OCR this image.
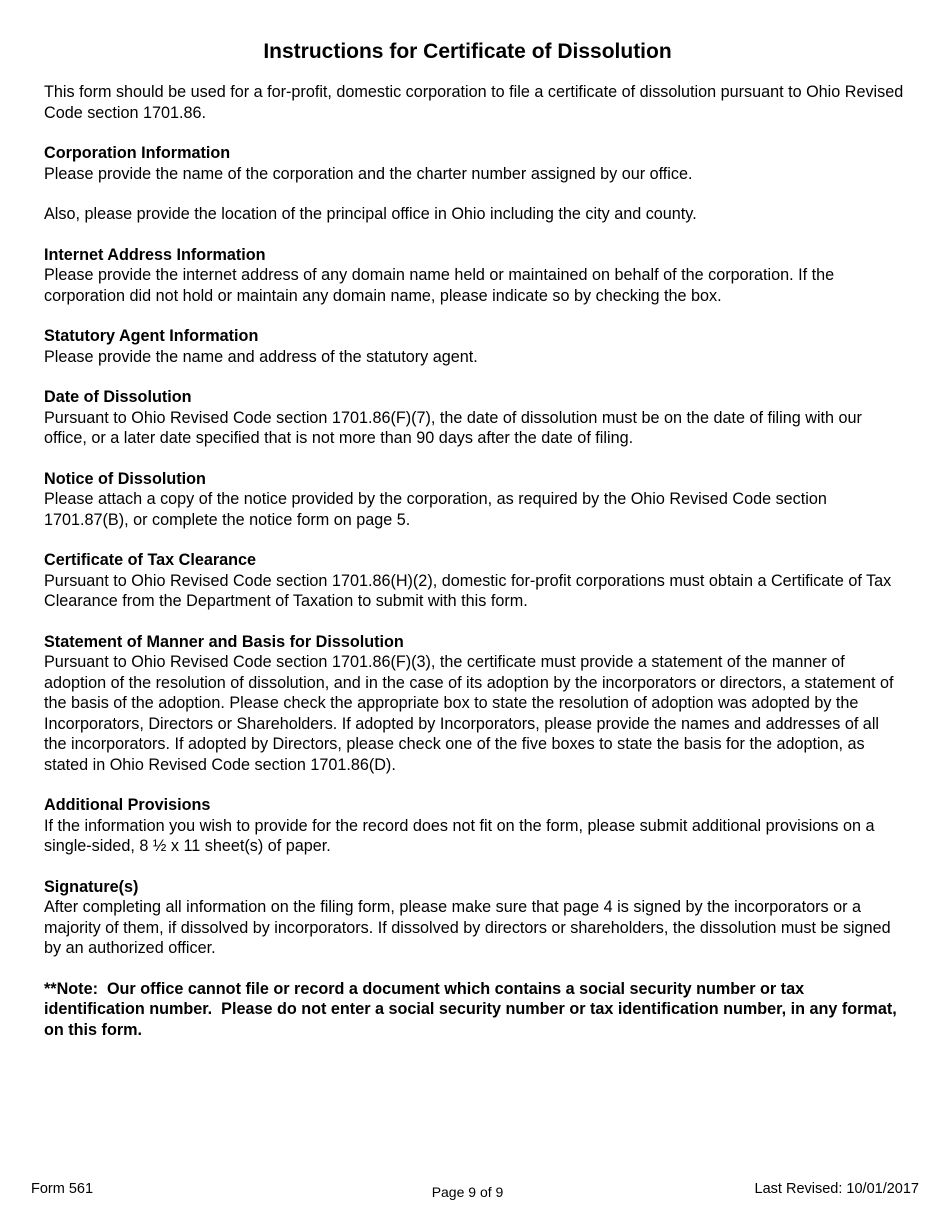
Instructions for Certificate of Dissolution

This form should be used for a for-profit, domestic corporation to file a certificate of dissolution pursuant to Ohio Revised Code section 1701.86.

Corporation Information
Please provide the name of the corporation and the charter number assigned by our office.
Also, please provide the location of the principal office in Ohio including the city and county.
Internet Address Information
Please provide the internet address of any domain name held or maintained on behalf of the corporation. If the corporation did not hold or maintain any domain name, please indicate so by checking the box.
Statutory Agent Information
Please provide the name and address of the statutory agent.
Date of Dissolution
Pursuant to Ohio Revised Code section 1701.86(F)(7), the date of dissolution must be on the date of filing with our office, or a later date specified that is not more than 90 days after the date of filing.
Notice of Dissolution
Please attach a copy of the notice provided by the corporation, as required by the Ohio Revised Code section 1701.87(B), or complete the notice form on page 5.
Certificate of Tax Clearance
Pursuant to Ohio Revised Code section 1701.86(H)(2), domestic for-profit corporations must obtain a Certificate of Tax Clearance from the Department of Taxation to submit with this form.
Statement of Manner and Basis for Dissolution
Pursuant to Ohio Revised Code section 1701.86(F)(3), the certificate must provide a statement of the manner of adoption of the resolution of dissolution, and in the case of its adoption by the incorporators or directors, a statement of the basis of the adoption. Please check the appropriate box to state the resolution of adoption was adopted by the Incorporators, Directors or Shareholders. If adopted by Incorporators, please provide the names and addresses of all the incorporators. If adopted by Directors, please check one of the five boxes to state the basis for the adoption, as stated in Ohio Revised Code section 1701.86(D).
Additional Provisions
If the information you wish to provide for the record does not fit on the form, please submit additional provisions on a single-sided, 8 ½ x 11 sheet(s) of paper.
Signature(s)
After completing all information on the filing form, please make sure that page 4 is signed by the incorporators or a majority of them, if dissolved by incorporators. If dissolved by directors or shareholders, the dissolution must be signed by an authorized officer.

**Note:  Our office cannot file or record a document which contains a social security number or tax identification number.  Please do not enter a social security number or tax identification number, in any format, on this form.

Form 561	Page 9 of 9	Last Revised: 10/01/2017
